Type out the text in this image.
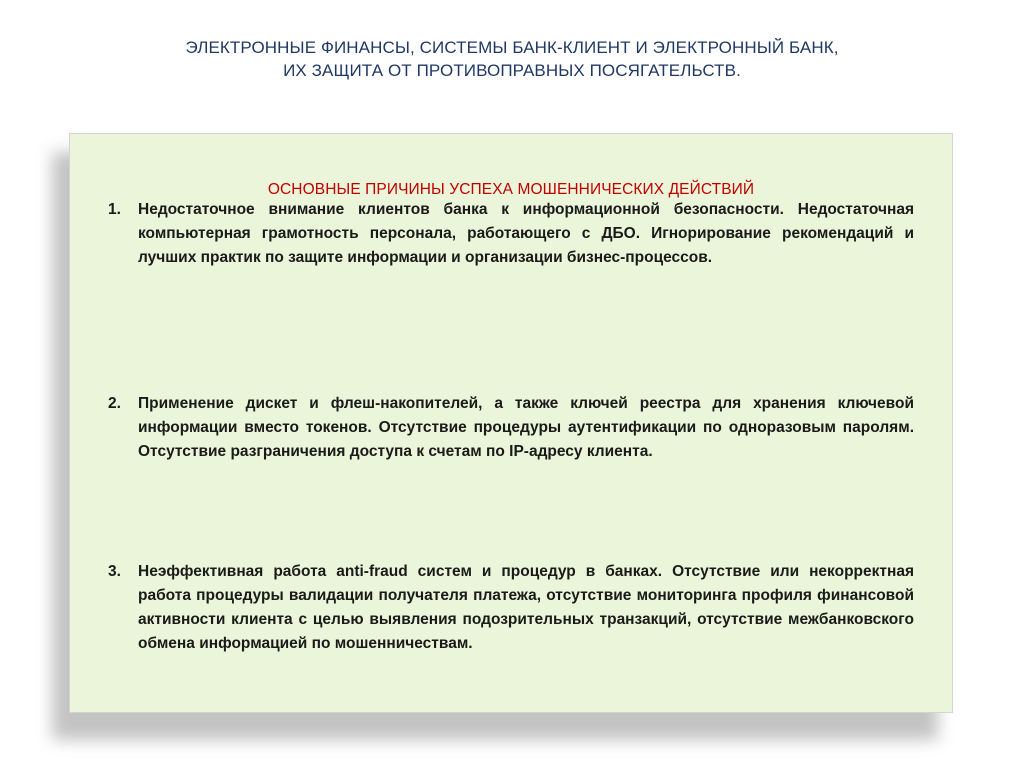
ЭЛЕКТРОННЫЕ ФИНАНСЫ, СИСТЕМЫ БАНК-КЛИЕНТ И ЭЛЕКТРОННЫЙ БАНК,
ИХ ЗАЩИТА ОТ ПРОТИВОПРАВНЫХ ПОСЯГАТЕЛЬСТВ.
ОСНОВНЫЕ ПРИЧИНЫ УСПЕХА МОШЕННИЧЕСКИХ ДЕЙСТВИЙ
1.	Недостаточное внимание клиентов банка к информационной безопасности. Недостаточная компьютерная грамотность персонала, работающего с ДБО. Игнорирование рекомендаций и лучших практик по защите информации и организации бизнес-процессов.
2.	Применение дискет и флеш-накопителей, а также ключей реестра для хранения ключевой информации вместо токенов. Отсутствие процедуры аутентификации по одноразовым паролям. Отсутствие разграничения доступа к счетам по IP-адресу клиента.
3.	Неэффективная работа anti-fraud систем и процедур в банках. Отсутствие или некорректная работа процедуры валидации получателя платежа, отсутствие мониторинга профиля финансовой активности клиента с целью выявления подозрительных транзакций, отсутствие межбанковского обмена информацией по мошенничествам.
